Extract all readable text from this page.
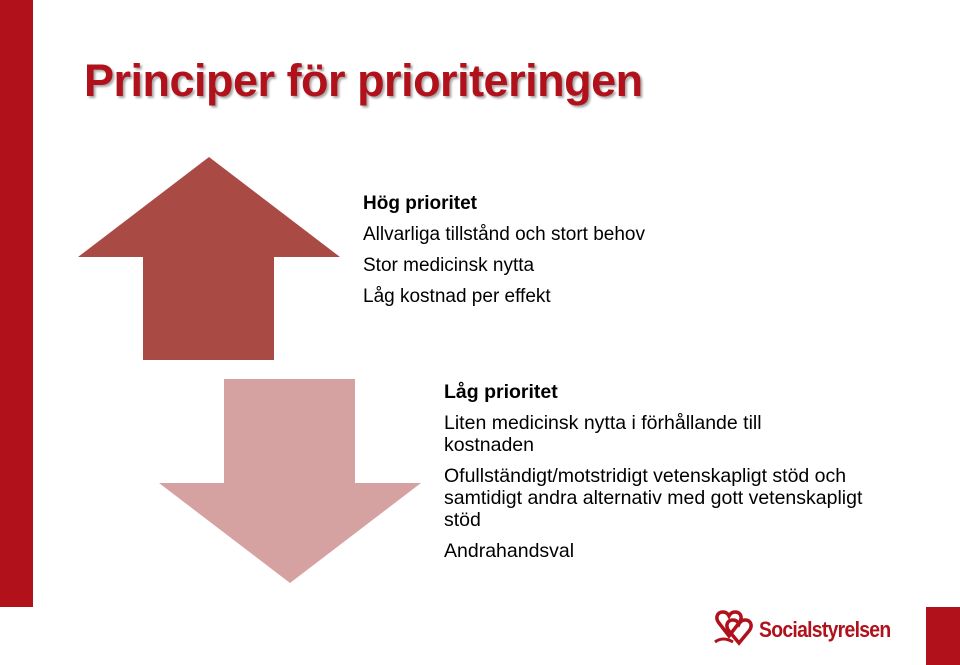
Principer för prioriteringen
Hög prioritet
Allvarliga tillstånd och stort behov
Stor medicinsk nytta
Låg kostnad per effekt
Låg prioritet
Liten medicinsk nytta i förhållande till kostnaden
Ofullständigt/motstridigt vetenskapligt stöd och samtidigt andra alternativ med gott vetenskapligt stöd
Andrahandsval
Socialstyrelsen
